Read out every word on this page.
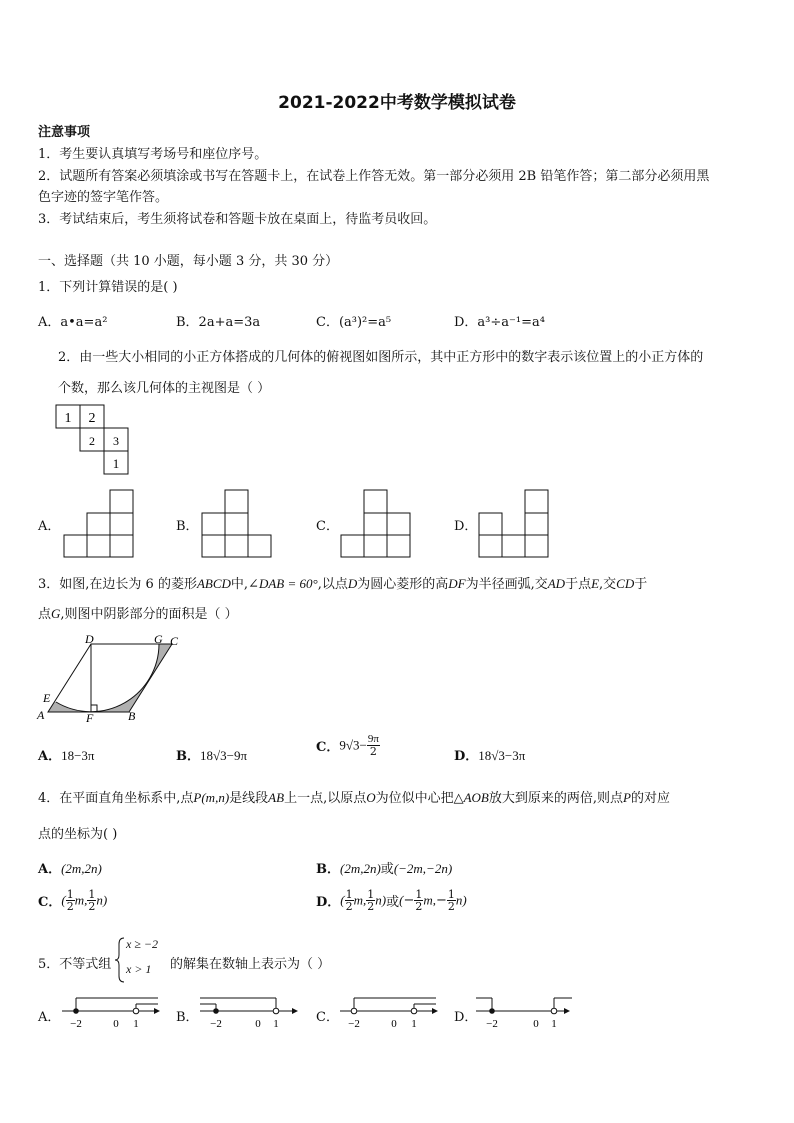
2021-2022中考数学模拟试卷
注意事项
1．考生要认真填写考场号和座位序号。
2．试题所有答案必须填涂或书写在答题卡上，在试卷上作答无效。第一部分必须用 2B 铅笔作答；第二部分必须用黑
色字迹的签字笔作答。
3．考试结束后，考生须将试卷和答题卡放在桌面上，待监考员收回。
一、选择题（共 10 小题，每小题 3 分，共 30 分）
1．下列计算错误的是( )
A．a•a=a²	B．2a+a=3a	C．(a³)²=a⁵	D．a³÷a⁻¹=a⁴
2．由一些大小相同的小正方体搭成的几何体的俯视图如图所示，其中正方形中的数字表示该位置上的小正方体的
个数，那么该几何体的主视图是（ ）
1 2
2 3
1
A．	B．	C．	D．
3．如图,在边长为 6 的菱形ABCD中,∠DAB = 60°,以点D为圆心菱形的高DF为半径画弧,交AD于点E,交CD于
点G,则图中阴影部分的面积是（ ）
D	G C
E
A	F	B
A．18−3π	B．18√3−9π
C．$9√3- \frac{9\pi}{2}$	D．18√3−3π
4．在平面直角坐标系中,点P(m,n)是线段AB上一点,以原点O为位似中心把△AOB放大到原来的两倍,则点P的对应
点的坐标为( )
A．(2m,2n)	B．(2m,2n)或(−2m,−2n)
C．( $\frac{1}{2} m$, $\frac{1}{2} n$)	D．( $\frac{1}{2} m$, $\frac{1}{2} n$)或(− $\frac{1}{2} m,- \frac{1}{2} n$)
5．不等式组
x ≥ −2
x > 1 的解集在数轴上表示为（ ）
A． −2	0 1	B． −2	0 1	C． −2	0 1	D． −2	0 1
